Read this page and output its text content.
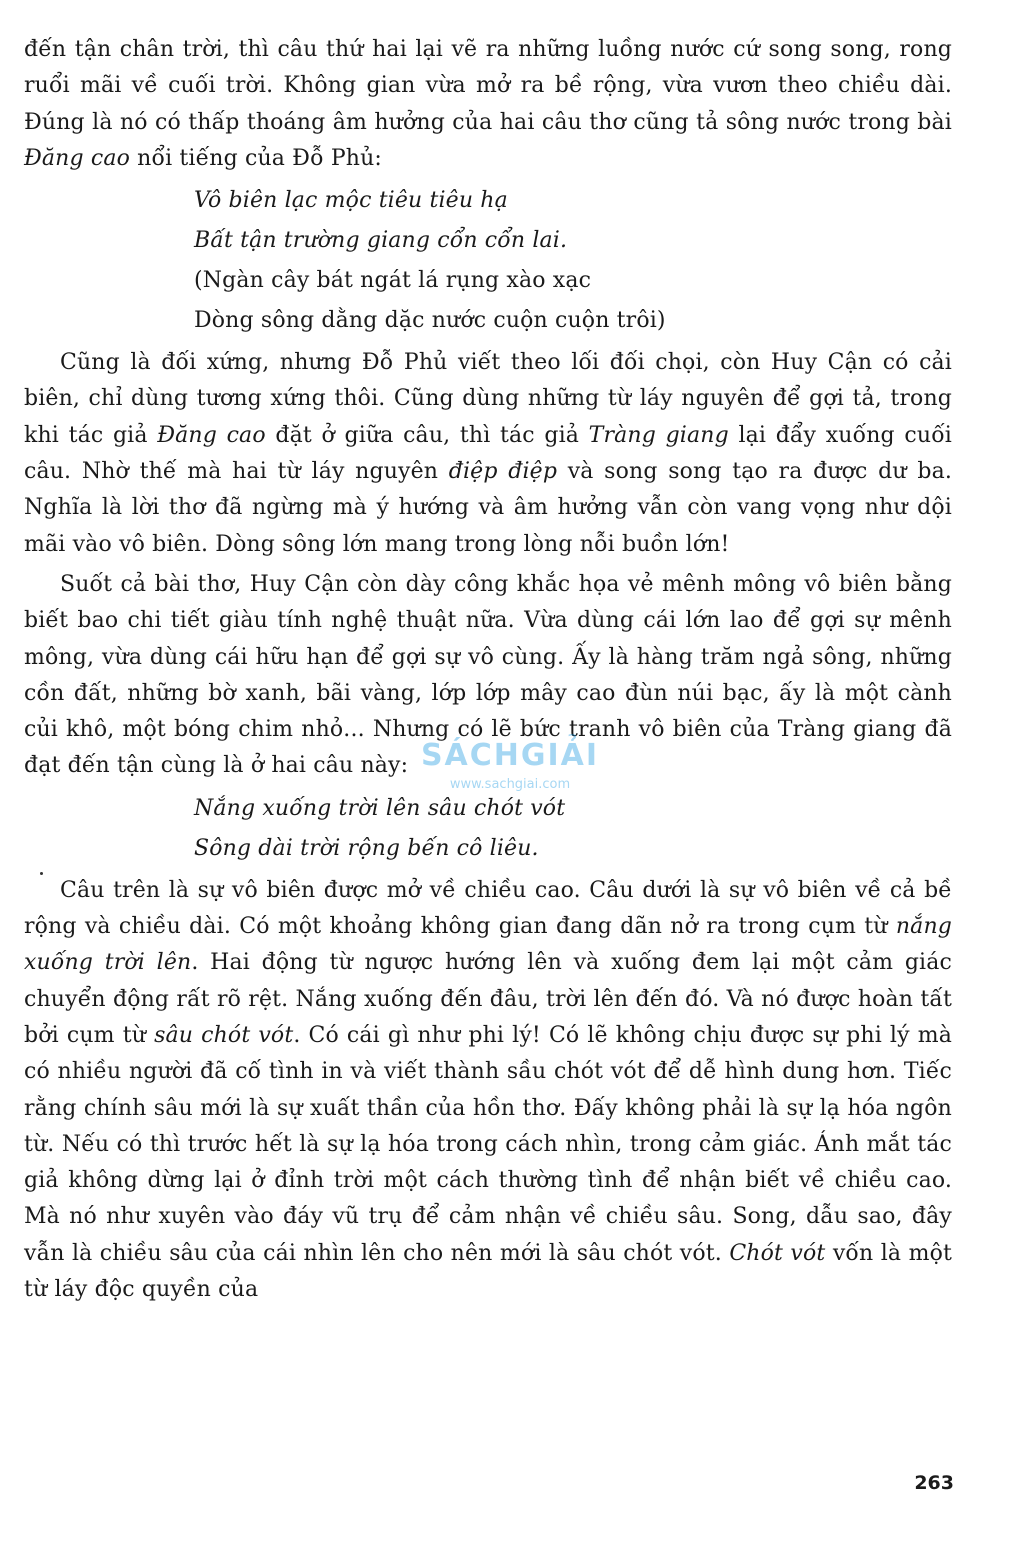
đến tận chân trời, thì câu thứ hai lại vẽ ra những luồng nước cứ song song, rong ruổi mãi về cuối trời. Không gian vừa mở ra bề rộng, vừa vươn theo chiều dài. Đúng là nó có thấp thoáng âm hưởng của hai câu thơ cũng tả sông nước trong bài Đăng cao nổi tiếng của Đỗ Phủ:

Vô biên lạc mộc tiêu tiêu hạ
Bất tận trường giang cổn cổn lai.
(Ngàn cây bát ngát lá rụng xào xạc
Dòng sông dằng dặc nước cuộn cuộn trôi)

Cũng là đối xứng, nhưng Đỗ Phủ viết theo lối đối chọi, còn Huy Cận có cải biên, chỉ dùng tương xứng thôi. Cũng dùng những từ láy nguyên để gợi tả, trong khi tác giả Đăng cao đặt ở giữa câu, thì tác giả Tràng giang lại đẩy xuống cuối câu. Nhờ thế mà hai từ láy nguyên điệp điệp và song song tạo ra được dư ba. Nghĩa là lời thơ đã ngừng mà ý hướng và âm hưởng vẫn còn vang vọng như dội mãi vào vô biên. Dòng sông lớn mang trong lòng nỗi buồn lớn!

Suốt cả bài thơ, Huy Cận còn dày công khắc họa vẻ mênh mông vô biên bằng biết bao chi tiết giàu tính nghệ thuật nữa. Vừa dùng cái lớn lao để gợi sự mênh mông, vừa dùng cái hữu hạn để gợi sự vô cùng. Ấy là hàng trăm ngả sông, những cồn đất, những bờ xanh, bãi vàng, lớp lớp mây cao đùn núi bạc, ấy là một cành củi khô, một bóng chim nhỏ... Nhưng có lẽ bức tranh vô biên của Tràng giang đã đạt đến tận cùng là ở hai câu này:

Nắng xuống trời lên sâu chót vót
Sông dài trời rộng bến cô liêu.

Câu trên là sự vô biên được mở về chiều cao. Câu dưới là sự vô biên về cả bề rộng và chiều dài. Có một khoảng không gian đang dãn nở ra trong cụm từ nắng xuống trời lên. Hai động từ ngược hướng lên và xuống đem lại một cảm giác chuyển động rất rõ rệt. Nắng xuống đến đâu, trời lên đến đó. Và nó được hoàn tất bởi cụm từ sâu chót vót. Có cái gì như phi lý! Có lẽ không chịu được sự phi lý mà có nhiều người đã cố tình in và viết thành sầu chót vót để dễ hình dung hơn. Tiếc rằng chính sâu mới là sự xuất thần của hồn thơ. Đấy không phải là sự lạ hóa ngôn từ. Nếu có thì trước hết là sự lạ hóa trong cách nhìn, trong cảm giác. Ánh mắt tác giả không dừng lại ở đỉnh trời một cách thường tình để nhận biết về chiều cao. Mà nó như xuyên vào đáy vũ trụ để cảm nhận về chiều sâu. Song, dẫu sao, đây vẫn là chiều sâu của cái nhìn lên cho nên mới là sâu chót vót. Chót vót vốn là một từ láy độc quyền của

SÁCHGIẢI
www.sachgiai.com
263
